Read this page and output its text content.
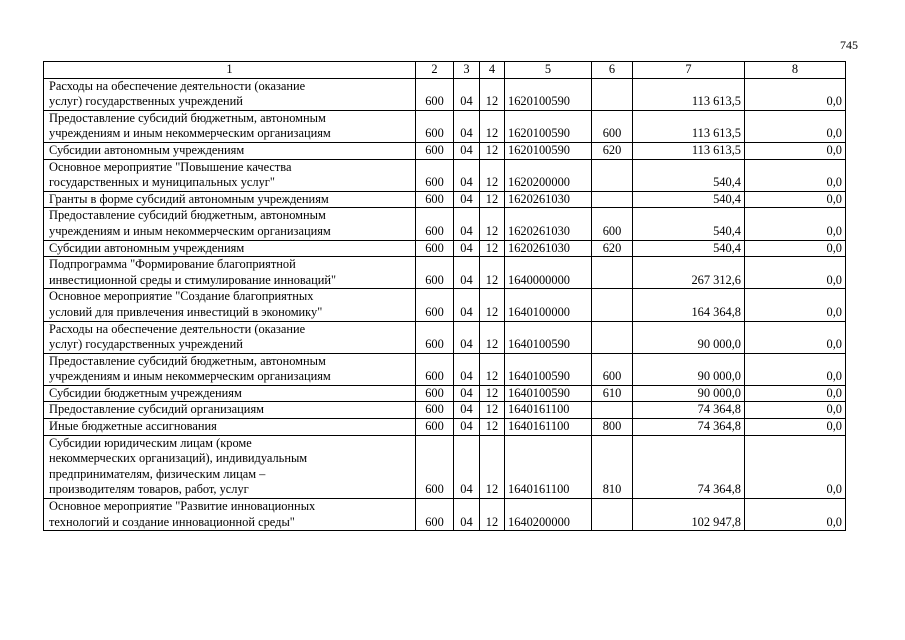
745
1	2	3	4	5	6	7	8
Расходы на обеспечение деятельности (оказание
услуг) государственных учреждений	600	04	12	1620100590		113 613,5	0,0
Предоставление субсидий бюджетным, автономным
учреждениям и иным некоммерческим организациям	600	04	12	1620100590	600	113 613,5	0,0
Субсидии автономным учреждениям	600	04	12	1620100590	620	113 613,5	0,0
Основное мероприятие "Повышение качества
государственных и муниципальных услуг"	600	04	12	1620200000		540,4	0,0
Гранты в форме субсидий автономным учреждениям	600	04	12	1620261030		540,4	0,0
Предоставление субсидий бюджетным, автономным
учреждениям и иным некоммерческим организациям	600	04	12	1620261030	600	540,4	0,0
Субсидии автономным учреждениям	600	04	12	1620261030	620	540,4	0,0
Подпрограмма "Формирование благоприятной
инвестиционной среды и стимулирование инноваций"	600	04	12	1640000000		267 312,6	0,0
Основное мероприятие "Создание благоприятных
условий для привлечения инвестиций в экономику"	600	04	12	1640100000		164 364,8	0,0
Расходы на обеспечение деятельности (оказание
услуг) государственных учреждений	600	04	12	1640100590		90 000,0	0,0
Предоставление субсидий бюджетным, автономным
учреждениям и иным некоммерческим организациям	600	04	12	1640100590	600	90 000,0	0,0
Субсидии бюджетным учреждениям	600	04	12	1640100590	610	90 000,0	0,0
Предоставление субсидий организациям	600	04	12	1640161100		74 364,8	0,0
Иные бюджетные ассигнования	600	04	12	1640161100	800	74 364,8	0,0
Субсидии юридическим лицам (кроме
некоммерческих организаций), индивидуальным
предпринимателям, физическим лицам –
производителям товаров, работ, услуг	600	04	12	1640161100	810	74 364,8	0,0
Основное мероприятие "Развитие инновационных
технологий и создание инновационной среды"	600	04	12	1640200000		102 947,8	0,0
